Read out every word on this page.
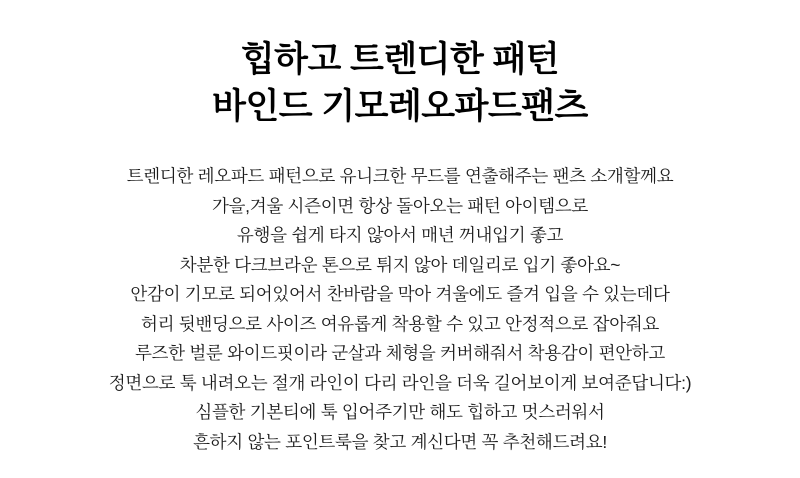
힙하고 트렌디한 패턴
바인드 기모레오파드팬츠
트렌디한 레오파드 패턴으로 유니크한 무드를 연출해주는 팬츠 소개할께요
가을,겨울 시즌이면 항상 돌아오는 패턴 아이템으로
유행을 쉽게 타지 않아서 매년 꺼내입기 좋고
차분한 다크브라운 톤으로 튀지 않아 데일리로 입기 좋아요~
안감이 기모로 되어있어서 찬바람을 막아 겨울에도 즐겨 입을 수 있는데다
허리 뒷밴딩으로 사이즈 여유롭게 착용할 수 있고 안정적으로 잡아줘요
루즈한 벌룬 와이드핏이라 군살과 체형을 커버해줘서 착용감이 편안하고
정면으로 툭 내려오는 절개 라인이 다리 라인을 더욱 길어보이게 보여준답니다:)
심플한 기본티에 툭 입어주기만 해도 힙하고 멋스러워서
흔하지 않는 포인트룩을 찾고 계신다면 꼭 추천해드려요!
